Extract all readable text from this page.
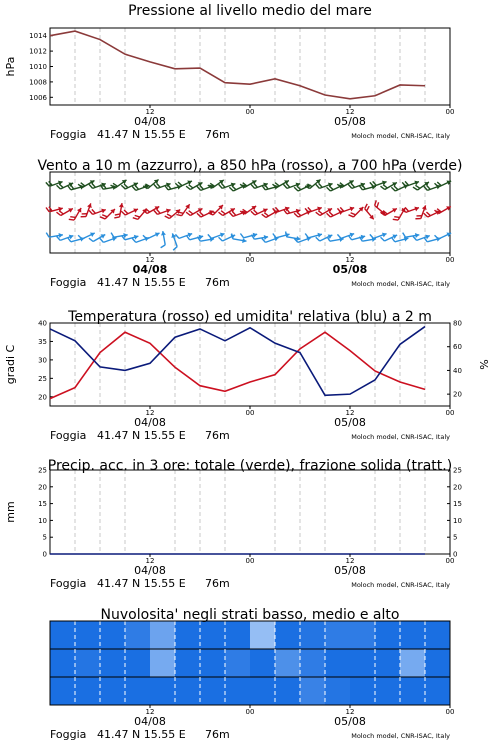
Pressione al livello medio del mare
1006
1008
1010
1012
1014
hPa
12	00	12	00
04/08	05/08
Foggia 41.47 N 15.55 E 76m	Moloch model, CNR-ISAC, Italy
Vento a 10 m (azzurro), a 850 hPa (rosso), a 700 hPa (verde)
12	00	12	00
04/08	05/08
Foggia 41.47 N 15.55 E 76m	Moloch model, CNR-ISAC, Italy
Temperatura (rosso) ed umidita' relativa (blu) a 2 m
20
25
30
35
40
20
40
60
80
gradi C	%
12	00	12	00
04/08	05/08
Foggia 41.47 N 15.55 E 76m	Moloch model, CNR-ISAC, Italy
Precip. acc. in 3 ore: totale (verde), frazione solida (tratt.)
0
5
10
15
20
25
0
5
10
15
20
25
mm
12	00	12	00
04/08	05/08
Foggia 41.47 N 15.55 E 76m	Moloch model, CNR-ISAC, Italy
Nuvolosita' negli strati basso, medio e alto
12	00	12	00
04/08	05/08
Foggia 41.47 N 15.55 E 76m	Moloch model, CNR-ISAC, Italy
